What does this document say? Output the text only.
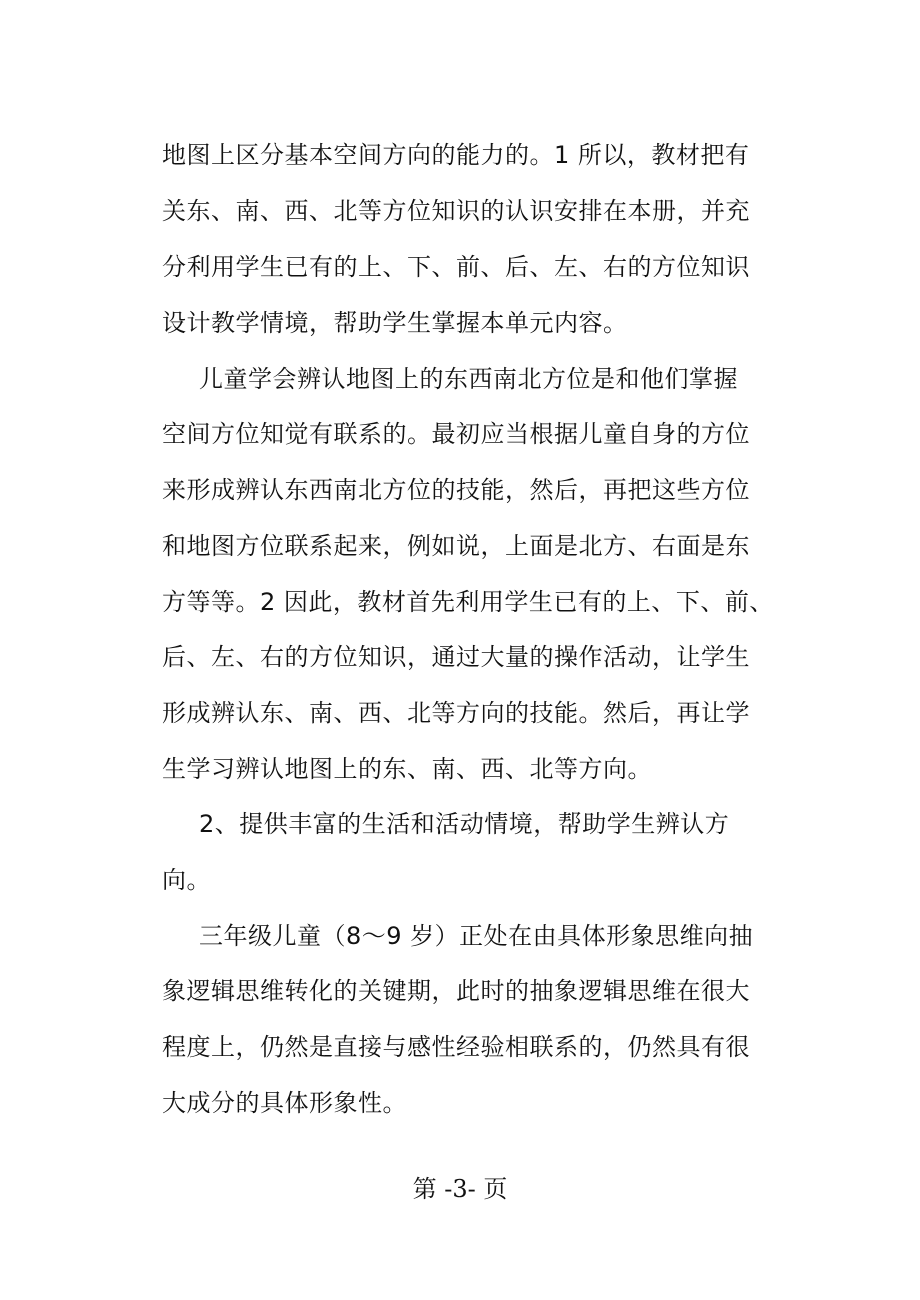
地图上区分基本空间方向的能力的。1 所以，教材把有
关东、南、西、北等方位知识的认识安排在本册，并充
分利用学生已有的上、下、前、后、左、右的方位知识
设计教学情境，帮助学生掌握本单元内容。
儿童学会辨认地图上的东西南北方位是和他们掌握
空间方位知觉有联系的。最初应当根据儿童自身的方位
来形成辨认东西南北方位的技能，然后，再把这些方位
和地图方位联系起来，例如说，上面是北方、右面是东
方等等。2 因此，教材首先利用学生已有的上、下、前、
后、左、右的方位知识，通过大量的操作活动，让学生
形成辨认东、南、西、北等方向的技能。然后，再让学
生学习辨认地图上的东、南、西、北等方向。
2、提供丰富的生活和活动情境，帮助学生辨认方
向。
三年级儿童（8～9 岁）正处在由具体形象思维向抽
象逻辑思维转化的关键期，此时的抽象逻辑思维在很大
程度上，仍然是直接与感性经验相联系的，仍然具有很
大成分的具体形象性。
第 -3- 页
